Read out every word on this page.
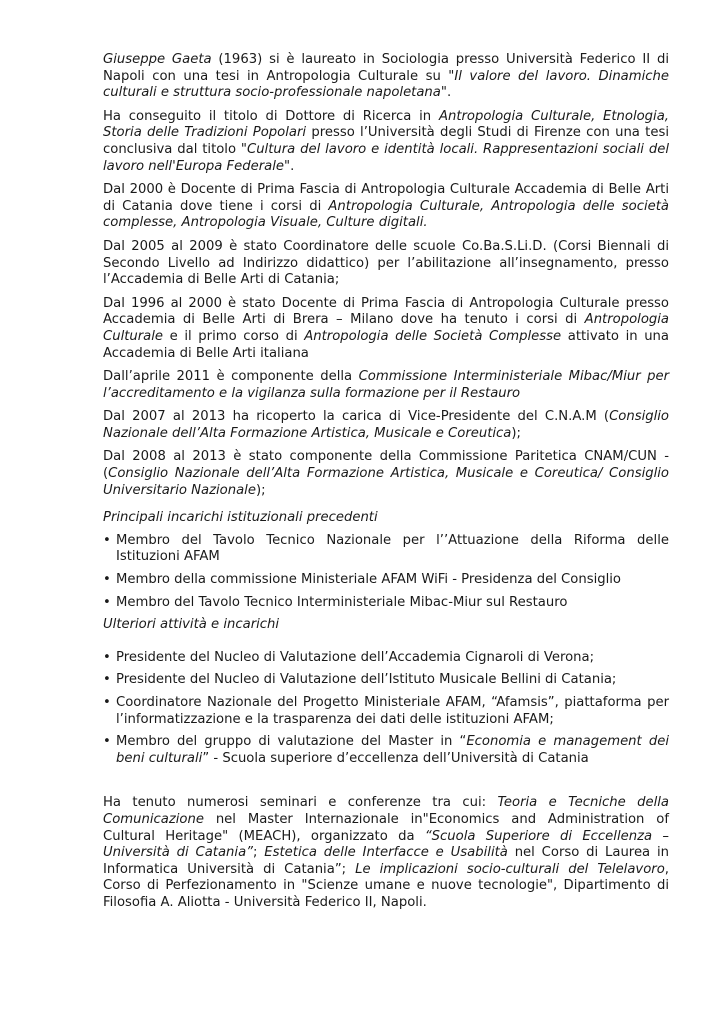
Giuseppe Gaeta (1963) si è laureato in Sociologia presso Università Federico II di Napoli con una tesi in Antropologia Culturale su "Il valore del lavoro. Dinamiche culturali e struttura socio-professionale napoletana".

Ha conseguito il titolo di Dottore di Ricerca in Antropologia Culturale, Etnologia, Storia delle Tradizioni Popolari presso l’Università degli Studi di Firenze con una tesi conclusiva dal titolo "Cultura del lavoro e identità locali. Rappresentazioni sociali del lavoro nell'Europa Federale".

Dal 2000 è Docente di Prima Fascia di Antropologia Culturale Accademia di Belle Arti di Catania dove tiene i corsi di Antropologia Culturale, Antropologia delle società complesse, Antropologia Visuale, Culture digitali.

Dal 2005 al 2009 è stato Coordinatore delle scuole Co.Ba.S.Li.D. (Corsi Biennali di Secondo Livello ad Indirizzo didattico) per l’abilitazione all’insegnamento, presso l’Accademia di Belle Arti di Catania;

Dal 1996 al 2000 è stato Docente di Prima Fascia di Antropologia Culturale presso Accademia di Belle Arti di Brera – Milano dove ha tenuto i corsi di Antropologia Culturale e il primo corso di Antropologia delle Società Complesse attivato in una Accademia di Belle Arti italiana

Dall’aprile 2011 è componente della Commissione Interministeriale Mibac/Miur per l’accreditamento e la vigilanza sulla formazione per il Restauro

Dal 2007 al 2013 ha ricoperto la carica di Vice-Presidente del C.N.A.M (Consiglio Nazionale dell’Alta Formazione Artistica, Musicale e Coreutica);

Dal 2008 al 2013 è stato componente della Commissione Paritetica CNAM/CUN - (Consiglio Nazionale dell’Alta Formazione Artistica, Musicale e Coreutica/ Consiglio Universitario Nazionale);

Principali incarichi istituzionali precedenti
• Membro del Tavolo Tecnico Nazionale per l’’Attuazione della Riforma delle Istituzioni AFAM
• Membro della commissione Ministeriale AFAM WiFi - Presidenza del Consiglio
• Membro del Tavolo Tecnico Interministeriale Mibac-Miur sul Restauro
Ulteriori attività e incarichi
• Presidente del Nucleo di Valutazione dell’Accademia Cignaroli di Verona;
• Presidente del Nucleo di Valutazione dell’Istituto Musicale Bellini di Catania;
• Coordinatore Nazionale del Progetto Ministeriale AFAM, “Afamsis”, piattaforma per l’informatizzazione e la trasparenza dei dati delle istituzioni AFAM;
• Membro del gruppo di valutazione del Master in “Economia e management dei beni culturali” - Scuola superiore d’eccellenza dell’Università di Catania

Ha tenuto numerosi seminari e conferenze tra cui: Teoria e Tecniche della Comunicazione nel Master Internazionale in"Economics and Administration of Cultural Heritage" (MEACH), organizzato da “Scuola Superiore di Eccellenza – Università di Catania”; Estetica delle Interfacce e Usabilità nel Corso di Laurea in Informatica Università di Catania”; Le implicazioni socio-culturali del Telelavoro, Corso di Perfezionamento in "Scienze umane e nuove tecnologie", Dipartimento di Filosofia A. Aliotta - Università Federico II, Napoli.
